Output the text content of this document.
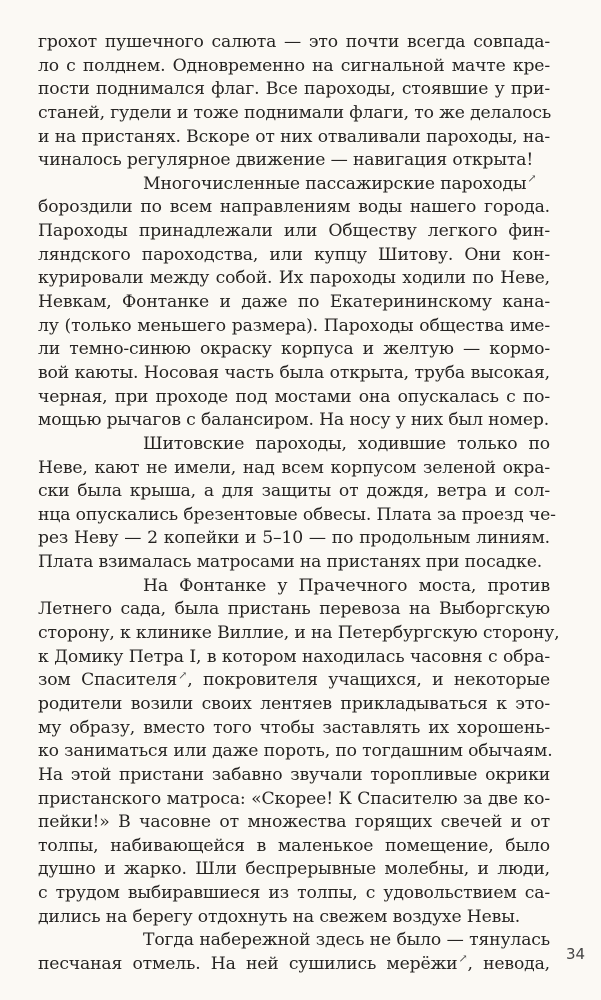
грохот пушечного салюта — это почти всегда совпада-
ло с полднем. Одновременно на сигнальной мачте кре-
пости поднимался флаг. Все пароходы, стоявшие у при-
станей, гудели и тоже поднимали флаги, то же делалось
и на пристанях. Вскоре от них отваливали пароходы, на-
чиналось регулярное движение — навигация открыта!
Многочисленные пассажирские пароходы↗
бороздили по всем направлениям воды нашего города.
Пароходы принадлежали или Обществу легкого фин-
ляндского пароходства, или купцу Шитову. Они кон-
курировали между собой. Их пароходы ходили по Неве,
Невкам, Фонтанке и даже по Екатерининскому кана-
лу (только меньшего размера). Пароходы общества име-
ли темно-синюю окраску корпуса и желтую — кормо-
вой каюты. Носовая часть была открыта, труба высокая,
черная, при проходе под мостами она опускалась с по-
мощью рычагов с балансиром. На носу у них был номер.
Шитовские пароходы, ходившие только по
Неве, кают не имели, над всем корпусом зеленой окра-
ски была крыша, а для защиты от дождя, ветра и сол-
нца опускались брезентовые обвесы. Плата за проезд че-
рез Неву — 2 копейки и 5–10 — по продольным линиям.
Плата взималась матросами на пристанях при посадке.
На Фонтанке у Прачечного моста, против
Летнего сада, была пристань перевоза на Выборгскую
сторону, к клинике Виллие, и на Петербургскую сторону,
к Домику Петра I, в котором находилась часовня с обра-
зом Спасителя↗, покровителя учащихся, и некоторые
родители возили своих лентяев прикладываться к это-
му образу, вместо того чтобы заставлять их хорошень-
ко заниматься или даже пороть, по тогдашним обычаям.
На этой пристани забавно звучали торопливые окрики
пристанского матроса: «Скорее! К Спасителю за две ко-
пейки!» В часовне от множества горящих свечей и от
толпы, набивающейся в маленькое помещение, было
душно и жарко. Шли беспрерывные молебны, и люди,
с трудом выбиравшиеся из толпы, с удовольствием са-
дились на берегу отдохнуть на свежем воздухе Невы.
Тогда набережной здесь не было — тянулась
песчаная отмель. На ней сушились мерёжи↗, невода, 34
